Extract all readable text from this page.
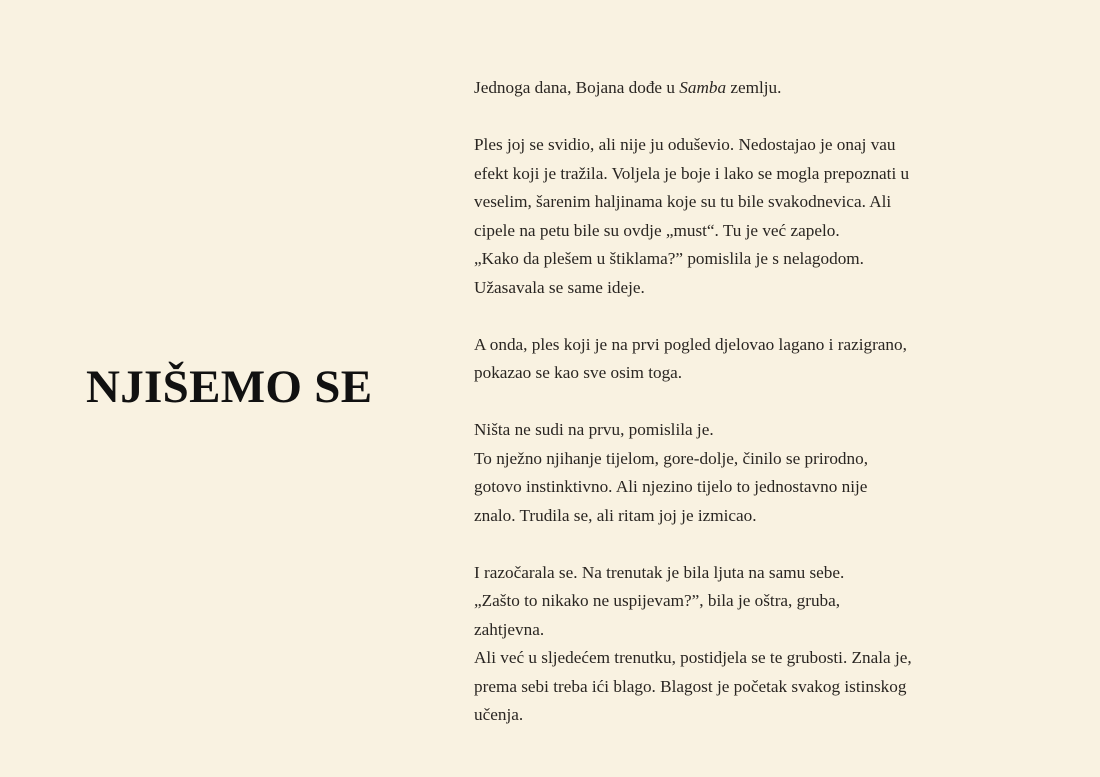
NJIŠEMO SE

Jednoga dana, Bojana dođe u Samba zemlju.

Ples joj se svidio, ali nije ju oduševio. Nedostajao je onaj vau
efekt koji je tražila. Voljela je boje i lako se mogla prepoznati u
veselim, šarenim haljinama koje su tu bile svakodnevica. Ali
cipele na petu bile su ovdje „must“. Tu je već zapelo.
„Kako da plešem u štiklama?” pomislila je s nelagodom.
Užasavala se same ideje.

A onda, ples koji je na prvi pogled djelovao lagano i razigrano,
pokazao se kao sve osim toga.

Ništa ne sudi na prvu, pomislila je.
To nježno njihanje tijelom, gore-dolje, činilo se prirodno,
gotovo instinktivno. Ali njezino tijelo to jednostavno nije
znalo. Trudila se, ali ritam joj je izmicao.

I razočarala se. Na trenutak je bila ljuta na samu sebe.
„Zašto to nikako ne uspijevam?”, bila je oštra, gruba,
zahtjevna.
Ali već u sljedećem trenutku, postidjela se te grubosti. Znala je,
prema sebi treba ići blago. Blagost je početak svakog istinskog
učenja.
